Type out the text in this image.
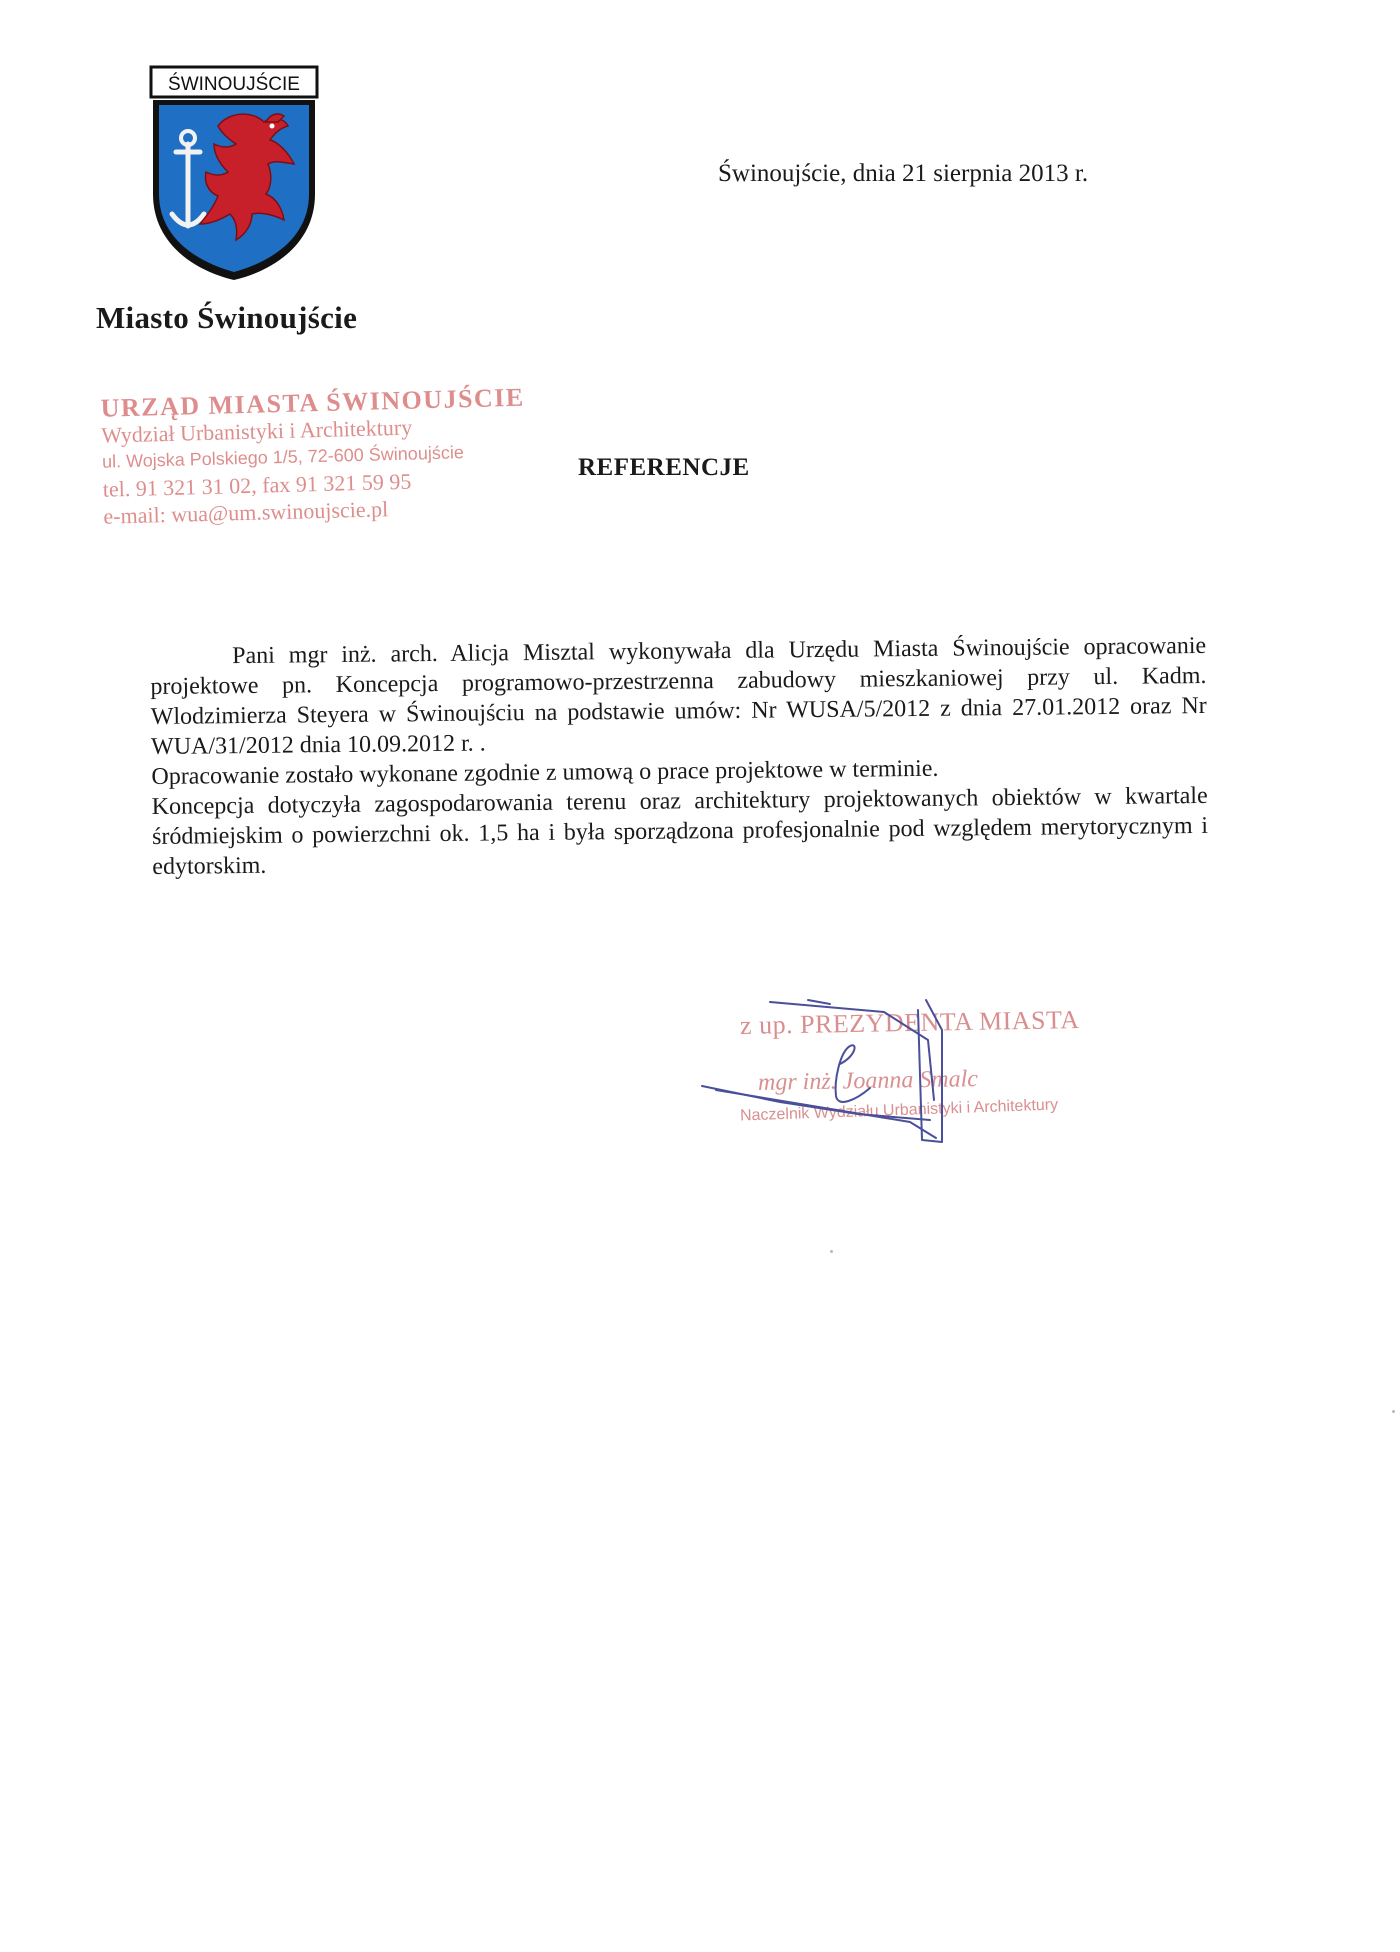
ŚWINOUJŚCIE
Miasto Świnoujście
Świnoujście, dnia 21 sierpnia 2013 r.
URZĄD MIASTA ŚWINOUJŚCIE
Wydział Urbanistyki i Architektury
ul. Wojska Polskiego 1/5, 72-600 Świnoujście
tel. 91 321 31 02, fax 91 321 59 95
e-mail: wua@um.swinoujscie.pl
REFERENCJE

Pani mgr inż. arch. Alicja Misztal wykonywała dla Urzędu Miasta Świnoujście opracowanie projektowe pn. Koncepcja programowo-przestrzenna zabudowy mieszkaniowej przy ul. Kadm. Wlodzimierza Steyera w Świnoujściu na podstawie umów: Nr WUSA/5/2012 z dnia 27.01.2012 oraz Nr WUA/31/2012 dnia 10.09.2012 r. .

Opracowanie zostało wykonane zgodnie z umową o prace projektowe w terminie.

Koncepcja dotyczyła zagospodarowania terenu oraz architektury projektowanych obiektów w kwartale śródmiejskim o powierzchni ok. 1,5 ha i była sporządzona profesjonalnie pod względem merytorycznym i edytorskim.

z up. PREZYDENTA MIASTA
mgr inż. Joanna Smalc
Naczelnik Wydziału Urbanistyki i Architektury
